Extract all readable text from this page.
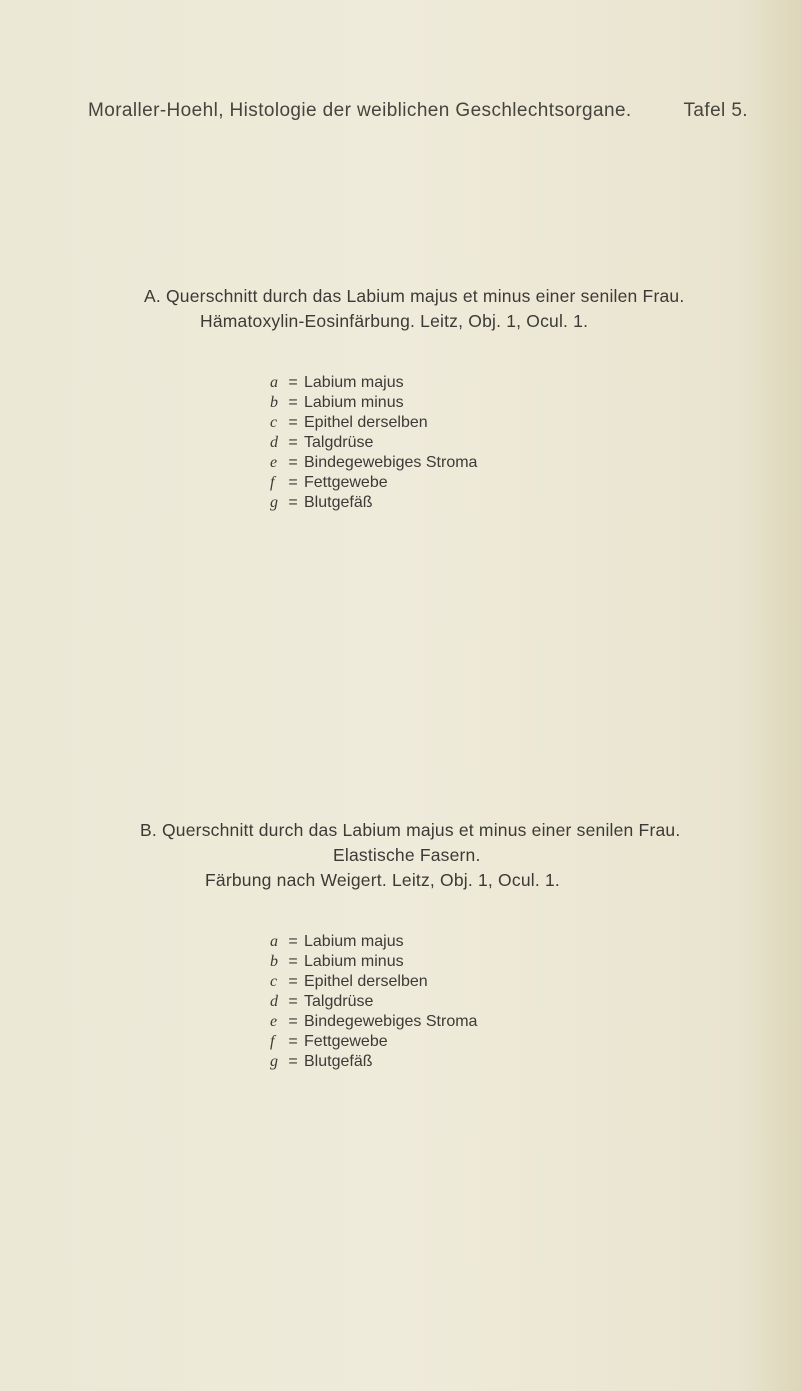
Moraller-Hoehl, Histologie der weiblichen Geschlechtsorgane.	Tafel 5.
A. Querschnitt durch das Labium majus et minus einer senilen Frau.
Hämatoxylin-Eosinfärbung. Leitz, Obj. 1, Ocul. 1.
a = Labium majus
b = Labium minus
c = Epithel derselben
d = Talgdrüse
e = Bindegewebiges Stroma
f = Fettgewebe
g = Blutgefäß
B. Querschnitt durch das Labium majus et minus einer senilen Frau.
Elastische Fasern.
Färbung nach Weigert. Leitz, Obj. 1, Ocul. 1.
a = Labium majus
b = Labium minus
c = Epithel derselben
d = Talgdrüse
e = Bindegewebiges Stroma
f = Fettgewebe
g = Blutgefäß
